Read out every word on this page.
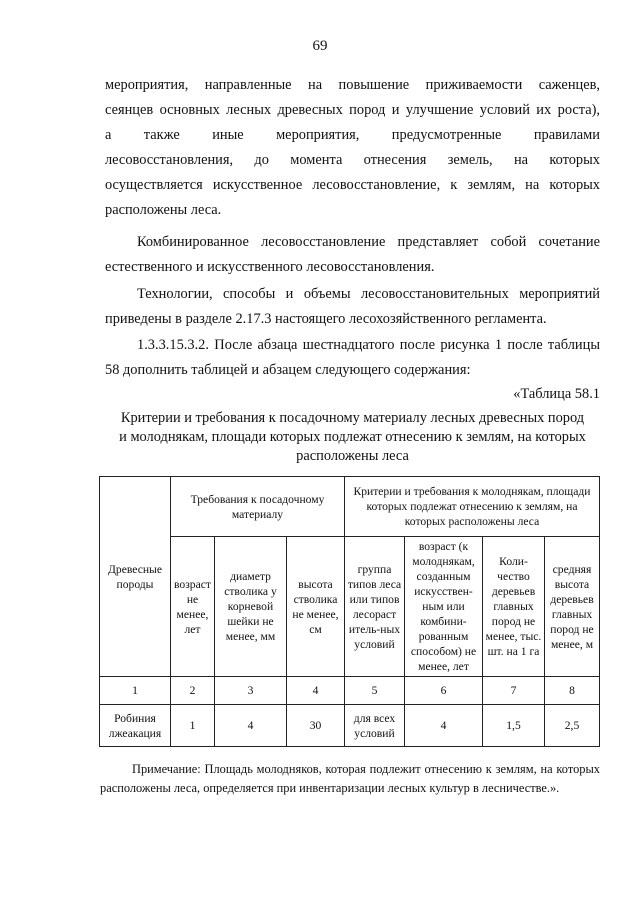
69
мероприятия, направленные на повышение приживаемости саженцев,
сеянцев основных лесных древесных пород и улучшение условий их роста),
а также иные мероприятия, предусмотренные правилами
лесовосстановления, до момента отнесения земель, на которых
осуществляется искусственное лесовосстановление, к землям, на которых
расположены леса.
Комбинированное лесовосстановление представляет собой сочетание естественного и искусственного лесовосстановления.
Технологии, способы и объемы лесовосстановительных мероприятий приведены в разделе 2.17.3 настоящего лесохозяйственного регламента.
1.3.3.15.3.2. После абзаца шестнадцатого после рисунка 1 после таблицы 58 дополнить таблицей и абзацем следующего содержания:
«Таблица 58.1
Критерии и требования к посадочному материалу лесных древесных пород
и молоднякам, площади которых подлежат отнесению к землям, на которых
расположены леса
Древесные породы	Требования к посадочному материалу			Критерии и требования к молоднякам, площади которых подлежат отнесению к землям, на которых расположены леса			
	возраст не менее, лет	диаметр стволика у корневой шейки не менее, мм	высота стволика не менее, см	группа типов леса или типов лесораст итель-ных условий	возраст (к молоднякам, созданным искусствен-ным или комбини-рованным способом) не менее, лет	Коли-чество деревьев главных пород не менее, тыс. шт. на 1 га	средняя высота деревьев главных пород не менее, м
1	2	3	4	5	6	7	8
Робиния лжеакация	1	4	30	для всех условий	4	1,5	2,5
Примечание: Площадь молодняков, которая подлежит отнесению к землям, на которых расположены леса, определяется при инвентаризации лесных культур в лесничестве.».
